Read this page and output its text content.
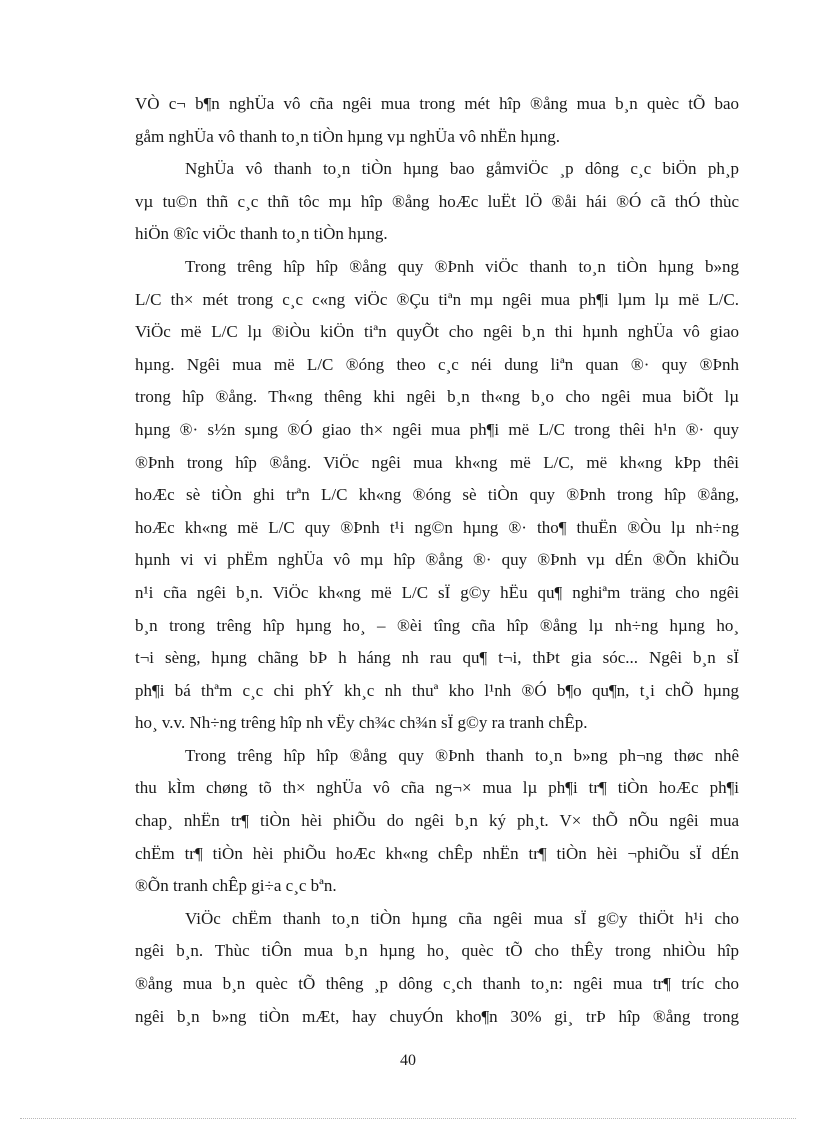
VÒ c¬ b¶n nghÜa vô cña ngêi mua trong mét hîp ®ång mua b¸n quèc tÕ bao
gåm nghÜa vô thanh to¸n tiÒn hµng vµ nghÜa vô nhËn hµng.
NghÜa vô thanh to¸n tiÒn hµng bao gåmviÖc ¸p dông c¸c biÖn ph¸p
vµ tu©n thñ c¸c thñ tôc mµ hîp ®ång hoÆc luËt lÖ ®åi hái ®Ó cã thÓ thùc
hiÖn ®îc viÖc thanh to¸n tiÒn hµng.
Trong trêng hîp hîp ®ång quy ®Þnh viÖc thanh to¸n tiÒn hµng b»ng
L/C th× mét trong c¸c c«ng viÖc ®Çu tiªn mµ ngêi mua ph¶i lµm lµ më L/C.
ViÖc më L/C lµ ®iÒu kiÖn tiªn quyÕt cho ngêi b¸n thi hµnh nghÜa vô giao
hµng. Ngêi mua më L/C ®óng theo c¸c néi dung liªn quan ®· quy ®Þnh
trong hîp ®ång. Th«ng thêng khi ngêi b¸n th«ng b¸o cho ngêi mua biÕt lµ
hµng ®· s½n sµng ®Ó giao th× ngêi mua ph¶i më L/C trong thêi h¹n ®· quy
®Þnh trong hîp ®ång. ViÖc ngêi mua kh«ng më L/C, më kh«ng kÞp thêi
hoÆc sè tiÒn ghi trªn L/C kh«ng ®óng sè tiÒn quy ®Þnh trong hîp ®ång,
hoÆc kh«ng më L/C quy ®Þnh t¹i ng©n hµng ®· tho¶ thuËn ®Òu lµ nh÷ng
hµnh vi vi phËm nghÜa vô mµ hîp ®ång ®· quy ®Þnh vµ dÉn ®Õn khiÕu
n¹i cña ngêi b¸n. ViÖc kh«ng më L/C sÏ g©y hËu qu¶ nghiªm träng cho ngêi
b¸n trong trêng hîp hµng ho¸ – ®èi tîng cña hîp ®ång lµ nh÷ng hµng ho¸
t¬i sèng, hµng chãng bÞ h háng nh rau qu¶ t¬i, thÞt gia sóc... Ngêi b¸n sÏ
ph¶i bá thªm c¸c chi phÝ kh¸c nh thuª kho l¹nh ®Ó b¶o qu¶n, t¸i chÕ hµng
ho¸ v.v. Nh÷ng trêng hîp nh vËy ch¾c ch¾n sÏ g©y ra tranh chÊp.
Trong trêng hîp hîp ®ång quy ®Þnh thanh to¸n b»ng ph¬ng thøc nhê
thu kÌm chøng tõ th× nghÜa vô cña ng¬× mua lµ ph¶i tr¶ tiÒn hoÆc ph¶i
chap¸ nhËn tr¶ tiÒn hèi phiÕu do ngêi b¸n ký ph¸t. V× thÕ nÕu ngêi mua
chËm tr¶ tiÒn hèi phiÕu hoÆc kh«ng chÊp nhËn tr¶ tiÒn hèi ¬phiÕu sÏ dÉn
®Õn tranh chÊp gi÷a c¸c bªn.
ViÖc chËm thanh to¸n tiÒn hµng cña ngêi mua sÏ g©y thiÖt h¹i cho
ngêi b¸n. Thùc tiÔn mua b¸n hµng ho¸ quèc tÕ cho thÊy trong nhiÒu hîp
®ång mua b¸n quèc tÕ thêng ¸p dông c¸ch thanh to¸n: ngêi mua tr¶ tríc cho
ngêi b¸n b»ng tiÒn mÆt, hay chuyÓn kho¶n 30% gi¸ trÞ hîp ®ång trong
40
